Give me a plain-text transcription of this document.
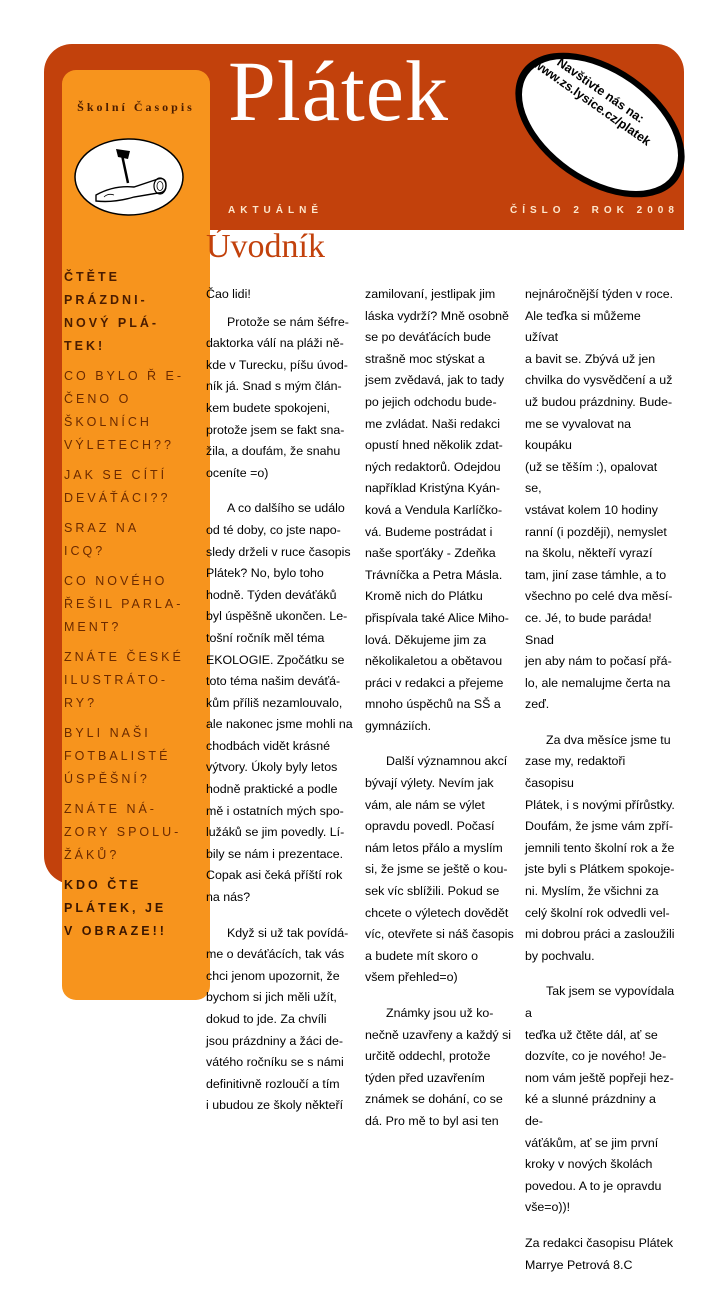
Plátek
AKTUÁLNĚ	ČÍSLO 2 ROK 2008
Navštivte nás na: www.zs.lysice.cz/platek
Školní Časopis
ČTĚTE
PRÁZDNI-
NOVÝ PLÁ-
TEK!
CO BYLO Ř E-
ČENO O
ŠKOLNÍCH
VÝLETECH??
JAK SE CÍTÍ
DEVÁŤÁCI??
SRAZ NA
ICQ?
CO NOVÉHO
ŘEŠIL PARLA-
MENT?
ZNÁTE ČESKÉ
ILUSTRÁTO-
RY?
BYLI NAŠI
FOTBALISTÉ
ÚSPĚŠNÍ?
ZNÁTE NÁ-
ZORY SPOLU-
ŽÁKŮ?
KDO ČTE
PLÁTEK, JE
V OBRAZE!!
Úvodník

Čao lidi!

Protože se nám šéfre-
daktorka válí na pláži ně-
kde v Turecku, píšu úvod-
ník já. Snad s mým člán-
kem budete spokojeni,
protože jsem se fakt sna-
žila, a doufám, že snahu
oceníte =o)

A co dalšího se událo
od té doby, co jste napo-
sledy drželi v ruce časopis
Plátek? No, bylo toho
hodně. Týden deváťáků
byl úspěšně ukončen. Le-
tošní ročník měl téma
EKOLOGIE. Zpočátku se
toto téma našim deváťá-
kům příliš nezamlouvalo,
ale nakonec jsme mohli na
chodbách vidět krásné
výtvory. Úkoly byly letos
hodně praktické a podle
mě i ostatních mých spo-
lužáků se jim povedly. Lí-
bily se nám i prezentace.
Copak asi čeká příští rok
na nás?

Když si už tak povídá-
me o deváťácích, tak vás
chci jenom upozornit, že
bychom si jich měli užít,
dokud to jde. Za chvíli
jsou prázdniny a žáci de-
vátého ročníku se s námi
definitivně rozloučí a tím
i ubudou ze školy někteří

zamilovaní, jestlipak jim
láska vydrží? Mně osobně
se po deváťácích bude
strašně moc stýskat a
jsem zvědavá, jak to tady
po jejich odchodu bude-
me zvládat. Naši redakci
opustí hned několik zdat-
ných redaktorů. Odejdou
například Kristýna Kyán-
ková a Vendula Karlíčko-
vá. Budeme postrádat i
naše sporťáky - Zdeňka
Trávníčka a Petra Másla.
Kromě nich do Plátku
přispívala také Alice Miho-
lová. Děkujeme jim za
několikaletou a obětavou
práci v redakci a přejeme
mnoho úspěchů na SŠ a
gymnáziích.

Další významnou akcí
bývají výlety. Nevím jak
vám, ale nám se výlet
opravdu povedl. Počasí
nám letos přálo a myslím
si, že jsme se ještě o kou-
sek víc sblížili. Pokud se
chcete o výletech dovědět
víc, otevřete si náš časopis
a budete mít skoro o
všem přehled=o)

Známky jsou už ko-
nečně uzavřeny a každý si
určitě oddechl, protože
týden před uzavřením
známek se dohání, co se
dá. Pro mě to byl asi ten

nejnáročnější týden v roce.
Ale teďka si můžeme užívat
a bavit se. Zbývá už jen
chvilka do vysvědčení a už
už budou prázdniny. Bude-
me se vyvalovat na koupáku
(už se těším :), opalovat se,
vstávat kolem 10 hodiny
ranní (i později), nemyslet
na školu, někteří vyrazí
tam, jiní zase támhle, a to
všechno po celé dva měsí-
ce. Jé, to bude paráda! Snad
jen aby nám to počasí přá-
lo, ale nemalujme čerta na
zeď.

Za dva měsíce jsme tu
zase my, redaktoři časopisu
Plátek, i s novými přírůstky.
Doufám, že jsme vám zpří-
jemnili tento školní rok a že
jste byli s Plátkem spokoje-
ni. Myslím, že všichni za
celý školní rok odvedli vel-
mi dobrou práci a zasloužili
by pochvalu.

Tak jsem se vypovídala a
teďka už čtěte dál, ať se
dozvíte, co je nového! Je-
nom vám ještě popřeji hez-
ké a slunné prázdniny a de-
váťákům, ať se jim první
kroky v nových školách
povedou. A to je opravdu
vše=o))!

Za redakci časopisu Plátek
Marrye Petrová 8.C
